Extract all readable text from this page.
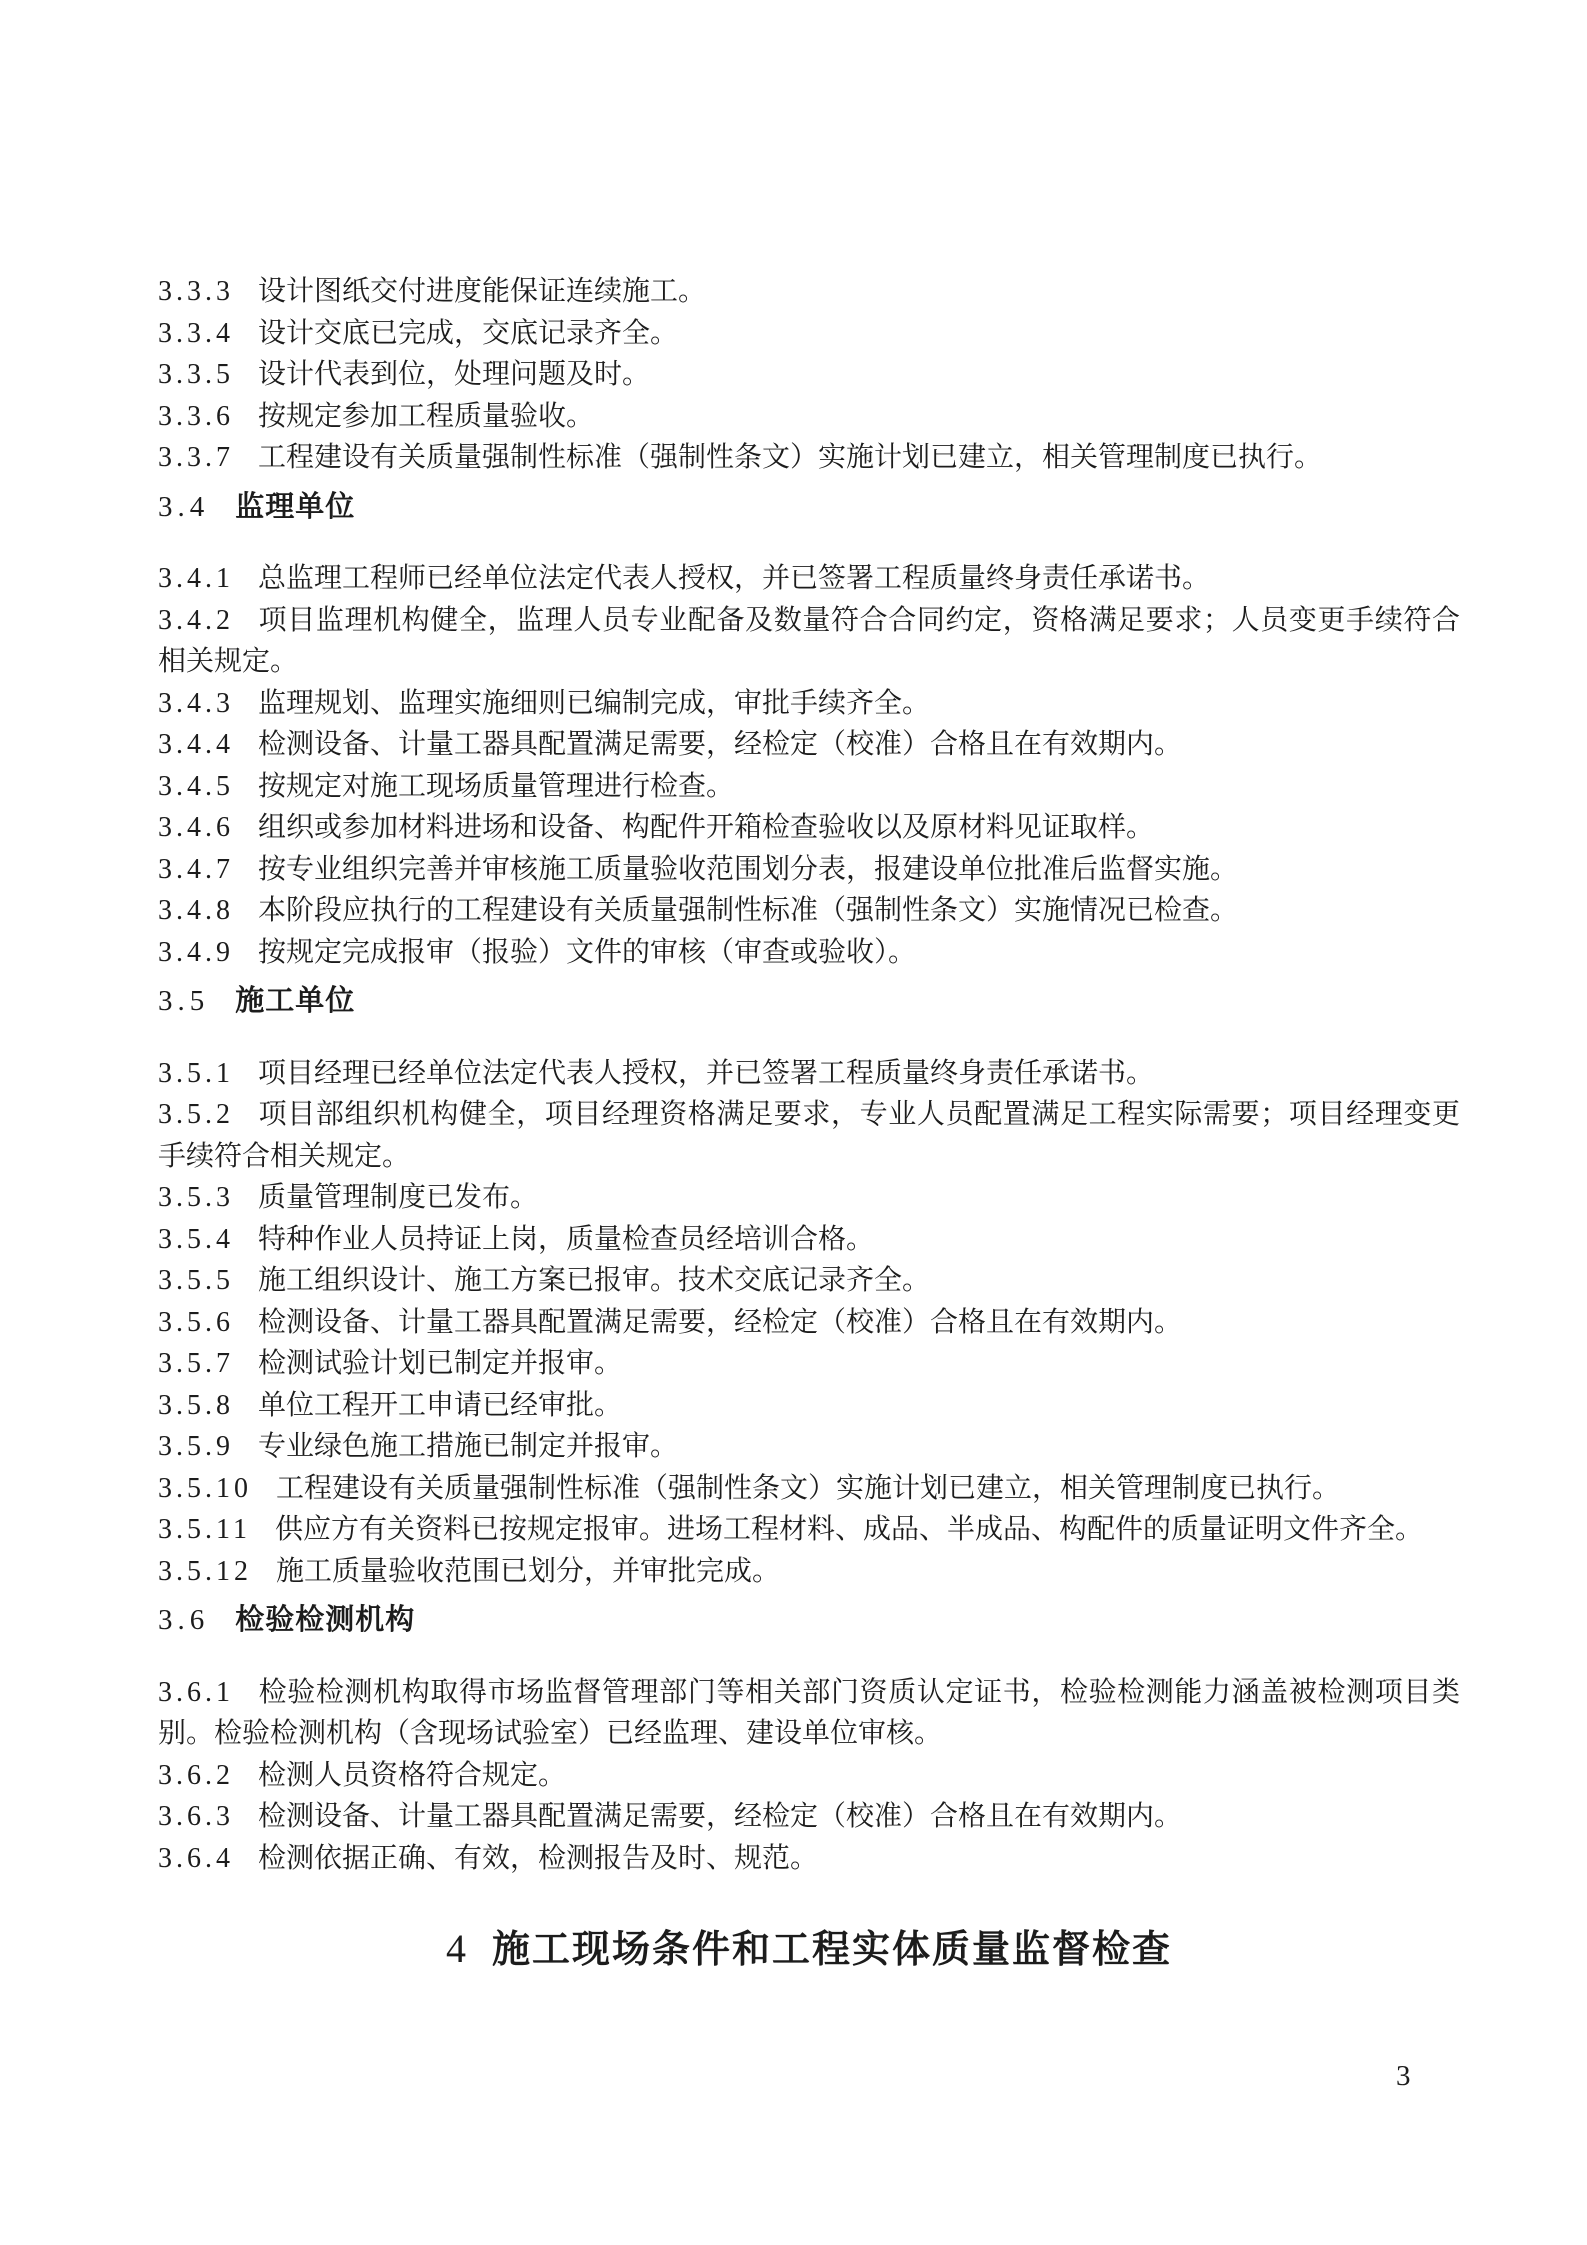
3.3.3 设计图纸交付进度能保证连续施工。
3.3.4 设计交底已完成，交底记录齐全。
3.3.5 设计代表到位，处理问题及时。
3.3.6 按规定参加工程质量验收。
3.3.7 工程建设有关质量强制性标准（强制性条文）实施计划已建立，相关管理制度已执行。
3.4 监理单位
3.4.1 总监理工程师已经单位法定代表人授权，并已签署工程质量终身责任承诺书。
3.4.2 项目监理机构健全，监理人员专业配备及数量符合合同约定，资格满足要求；人员变更手续符合相关规定。
3.4.3 监理规划、监理实施细则已编制完成，审批手续齐全。
3.4.4 检测设备、计量工器具配置满足需要，经检定（校准）合格且在有效期内。
3.4.5 按规定对施工现场质量管理进行检查。
3.4.6 组织或参加材料进场和设备、构配件开箱检查验收以及原材料见证取样。
3.4.7 按专业组织完善并审核施工质量验收范围划分表，报建设单位批准后监督实施。
3.4.8 本阶段应执行的工程建设有关质量强制性标准（强制性条文）实施情况已检查。
3.4.9 按规定完成报审（报验）文件的审核（审查或验收）。
3.5 施工单位
3.5.1 项目经理已经单位法定代表人授权，并已签署工程质量终身责任承诺书。
3.5.2 项目部组织机构健全，项目经理资格满足要求，专业人员配置满足工程实际需要；项目经理变更手续符合相关规定。
3.5.3 质量管理制度已发布。
3.5.4 特种作业人员持证上岗，质量检查员经培训合格。
3.5.5 施工组织设计、施工方案已报审。技术交底记录齐全。
3.5.6 检测设备、计量工器具配置满足需要，经检定（校准）合格且在有效期内。
3.5.7 检测试验计划已制定并报审。
3.5.8 单位工程开工申请已经审批。
3.5.9 专业绿色施工措施已制定并报审。
3.5.10 工程建设有关质量强制性标准（强制性条文）实施计划已建立，相关管理制度已执行。
3.5.11 供应方有关资料已按规定报审。进场工程材料、成品、半成品、构配件的质量证明文件齐全。
3.5.12 施工质量验收范围已划分，并审批完成。
3.6 检验检测机构
3.6.1 检验检测机构取得市场监督管理部门等相关部门资质认定证书，检验检测能力涵盖被检测项目类别。检验检测机构（含现场试验室）已经监理、建设单位审核。
3.6.2 检测人员资格符合规定。
3.6.3 检测设备、计量工器具配置满足需要，经检定（校准）合格且在有效期内。
3.6.4 检测依据正确、有效，检测报告及时、规范。
4 施工现场条件和工程实体质量监督检查
3
